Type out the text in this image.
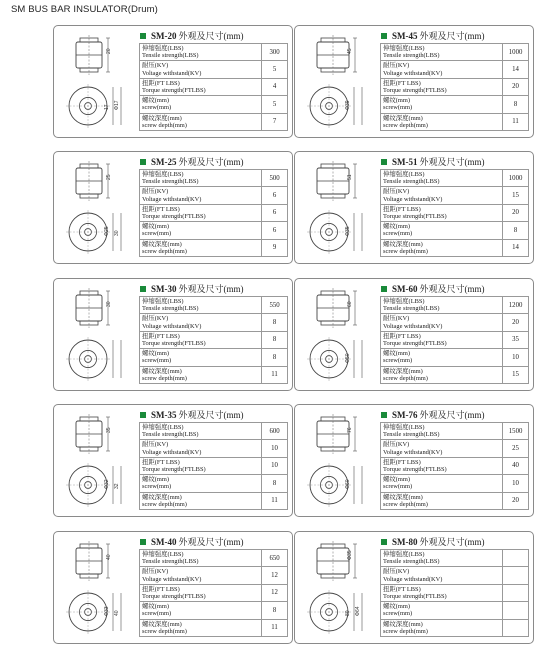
SM BUS BAR INSULATOR(Drum)
20
17 Φ17
SM-20 外观及尺寸(mm)
伸缩强度(LBS)
Tensile strength(LBS)	300

耐压(KV)
Voltage withstand(KV)	5

扭距(FT LBS)
Torque strength(FTLBS)	4

螺纹(mm)
screw(mm)	5

螺纹深度(mm)
screw depth(mm)	7
45
Φ39
SM-45 外观及尺寸(mm)
伸缩强度(LBS)
Tensile strength(LBS)	1000

耐压(KV)
Voltage withstand(KV)	14

扭距(FT LBS)
Torque strength(FTLBS)	20

螺纹(mm)
screw(mm)	8

螺纹深度(mm)
screw depth(mm)	11
25
Φ25 30
SM-25 外观及尺寸(mm)
伸缩强度(LBS)
Tensile strength(LBS)	500

耐压(KV)
Voltage withstand(KV)	6

扭距(FT LBS)
Torque strength(FTLBS)	6

螺纹(mm)
screw(mm)	6

螺纹深度(mm)
screw depth(mm)	9
51
Φ35
SM-51 外观及尺寸(mm)
伸缩强度(LBS)
Tensile strength(LBS)	1000

耐压(KV)
Voltage withstand(KV)	15

扭距(FT LBS)
Torque strength(FTLBS)	20

螺纹(mm)
screw(mm)	8

螺纹深度(mm)
screw depth(mm)	14
30
SM-30 外观及尺寸(mm)
伸缩强度(LBS)
Tensile strength(LBS)	550

耐压(KV)
Voltage withstand(KV)	8

扭距(FT LBS)
Torque strength(FTLBS)	8

螺纹(mm)
screw(mm)	8

螺纹深度(mm)
screw depth(mm)	11
60
Φ50
SM-60 外观及尺寸(mm)
伸缩强度(LBS)
Tensile strength(LBS)	1200

耐压(KV)
Voltage withstand(KV)	20

扭距(FT LBS)
Torque strength(FTLBS)	35

螺纹(mm)
screw(mm)	10

螺纹深度(mm)
screw depth(mm)	15
35
Φ32 32
SM-35 外观及尺寸(mm)
伸缩强度(LBS)
Tensile strength(LBS)	600

耐压(KV)
Voltage withstand(KV)	10

扭距(FT LBS)
Torque strength(FTLBS)	10

螺纹(mm)
screw(mm)	8

螺纹深度(mm)
screw depth(mm)	11
76
Φ60
SM-76 外观及尺寸(mm)
伸缩强度(LBS)
Tensile strength(LBS)	1500

耐压(KV)
Voltage withstand(KV)	25

扭距(FT LBS)
Torque strength(FTLBS)	40

螺纹(mm)
screw(mm)	10

螺纹深度(mm)
screw depth(mm)	20
40
Φ33 40
SM-40 外观及尺寸(mm)
伸缩强度(LBS)
Tensile strength(LBS)	650

耐压(KV)
Voltage withstand(KV)	12

扭距(FT LBS)
Torque strength(FTLBS)	12

螺纹(mm)
screw(mm)	8

螺纹深度(mm)
screw depth(mm)	11
Φ35
80 Φ64
SM-80 外观及尺寸(mm)
伸缩强度(LBS)
Tensile strength(LBS)	

耐压(KV)
Voltage withstand(KV)	

扭距(FT LBS)
Torque strength(FTLBS)	

螺纹(mm)
screw(mm)	

螺纹深度(mm)
screw depth(mm)	
